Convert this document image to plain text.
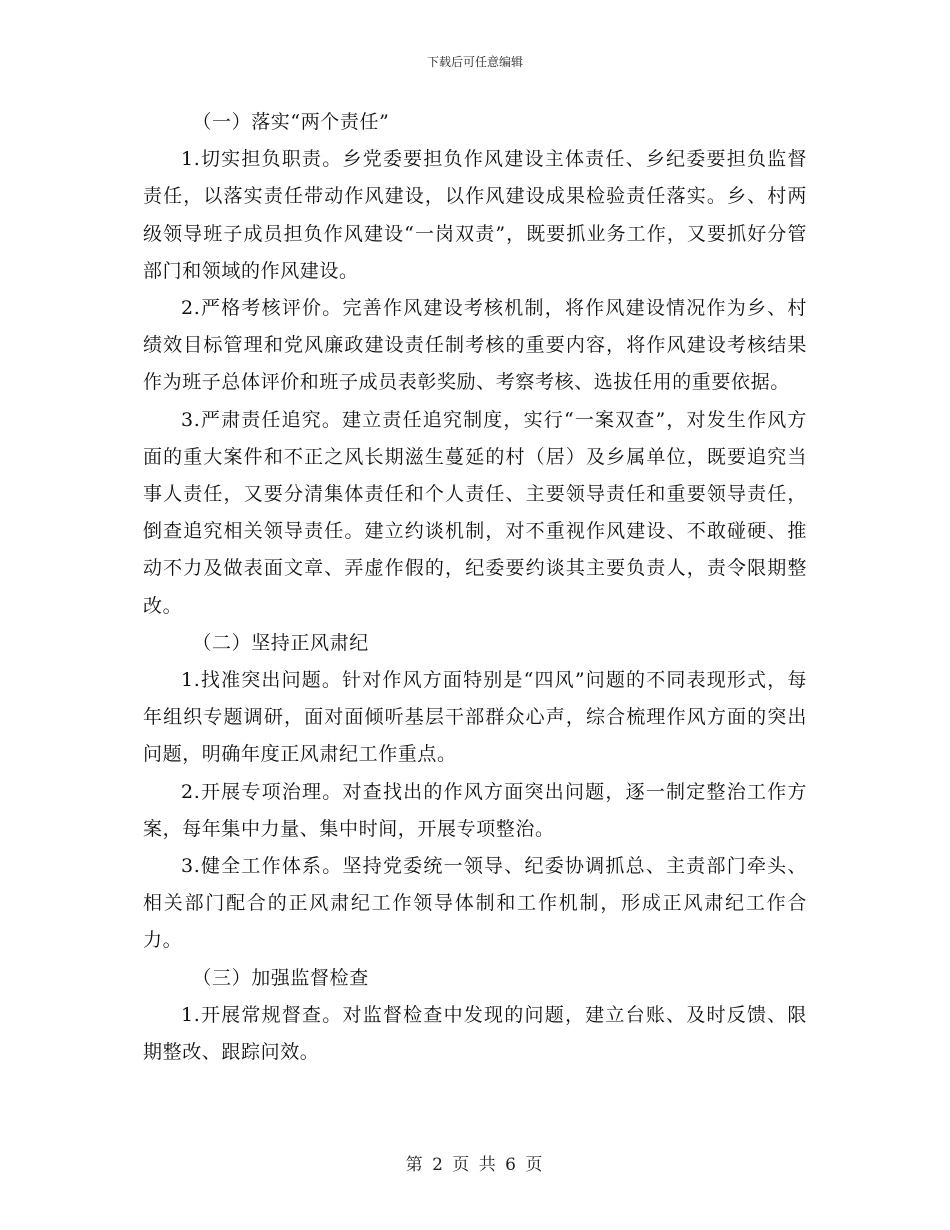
下载后可任意编辑

（一）落实“两个责任”

1.切实担负职责。乡党委要担负作风建设主体责任、乡纪委要担负监督责任，以落实责任带动作风建设，以作风建设成果检验责任落实。乡、村两级领导班子成员担负作风建设“一岗双责”，既要抓业务工作，又要抓好分管部门和领域的作风建设。

2.严格考核评价。完善作风建设考核机制，将作风建设情况作为乡、村绩效目标管理和党风廉政建设责任制考核的重要内容，将作风建设考核结果作为班子总体评价和班子成员表彰奖励、考察考核、选拔任用的重要依据。

3.严肃责任追究。建立责任追究制度，实行“一案双查”，对发生作风方面的重大案件和不正之风长期滋生蔓延的村（居）及乡属单位，既要追究当事人责任，又要分清集体责任和个人责任、主要领导责任和重要领导责任，倒查追究相关领导责任。建立约谈机制，对不重视作风建设、不敢碰硬、推动不力及做表面文章、弄虚作假的，纪委要约谈其主要负责人，责令限期整改。

（二）坚持正风肃纪

1.找准突出问题。针对作风方面特别是“四风”问题的不同表现形式，每年组织专题调研，面对面倾听基层干部群众心声，综合梳理作风方面的突出问题，明确年度正风肃纪工作重点。

2.开展专项治理。对查找出的作风方面突出问题，逐一制定整治工作方案，每年集中力量、集中时间，开展专项整治。

3.健全工作体系。坚持党委统一领导、纪委协调抓总、主责部门牵头、相关部门配合的正风肃纪工作领导体制和工作机制，形成正风肃纪工作合力。

（三）加强监督检查

1.开展常规督查。对监督检查中发现的问题，建立台账、及时反馈、限期整改、跟踪问效。

第 2 页 共 6 页
